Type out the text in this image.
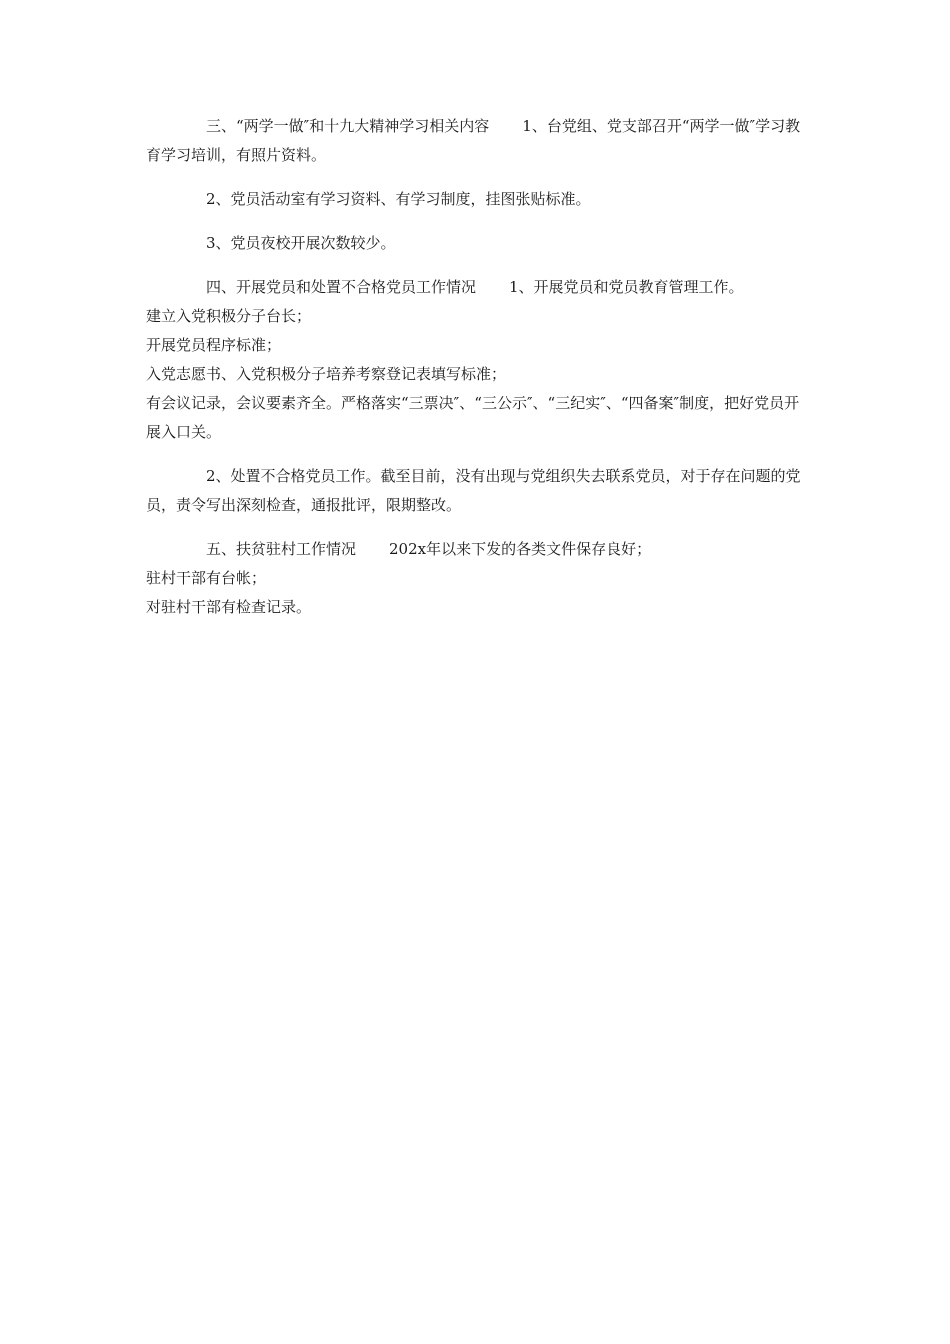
三、“两学一做″和十九大精神学习相关内容 1、台党组、党支部召开“两学一做″学习教育学习培训，有照片资料。

2、党员活动室有学习资料、有学习制度，挂图张贴标准。

3、党员夜校开展次数较少。

四、开展党员和处置不合格党员工作情况 1、开展党员和党员教育管理工作。

建立入党积极分子台长；

开展党员程序标准；

入党志愿书、入党积极分子培养考察登记表填写标准；

有会议记录，会议要素齐全。严格落实“三票决″、“三公示″、“三纪实″、“四备案″制度，把好党员开展入口关。

2、处置不合格党员工作。截至目前，没有出现与党组织失去联系党员，对于存在问题的党员，责令写出深刻检查，通报批评，限期整改。

五、扶贫驻村工作情况 202x年以来下发的各类文件保存良好；

驻村干部有台帐；

对驻村干部有检查记录。
